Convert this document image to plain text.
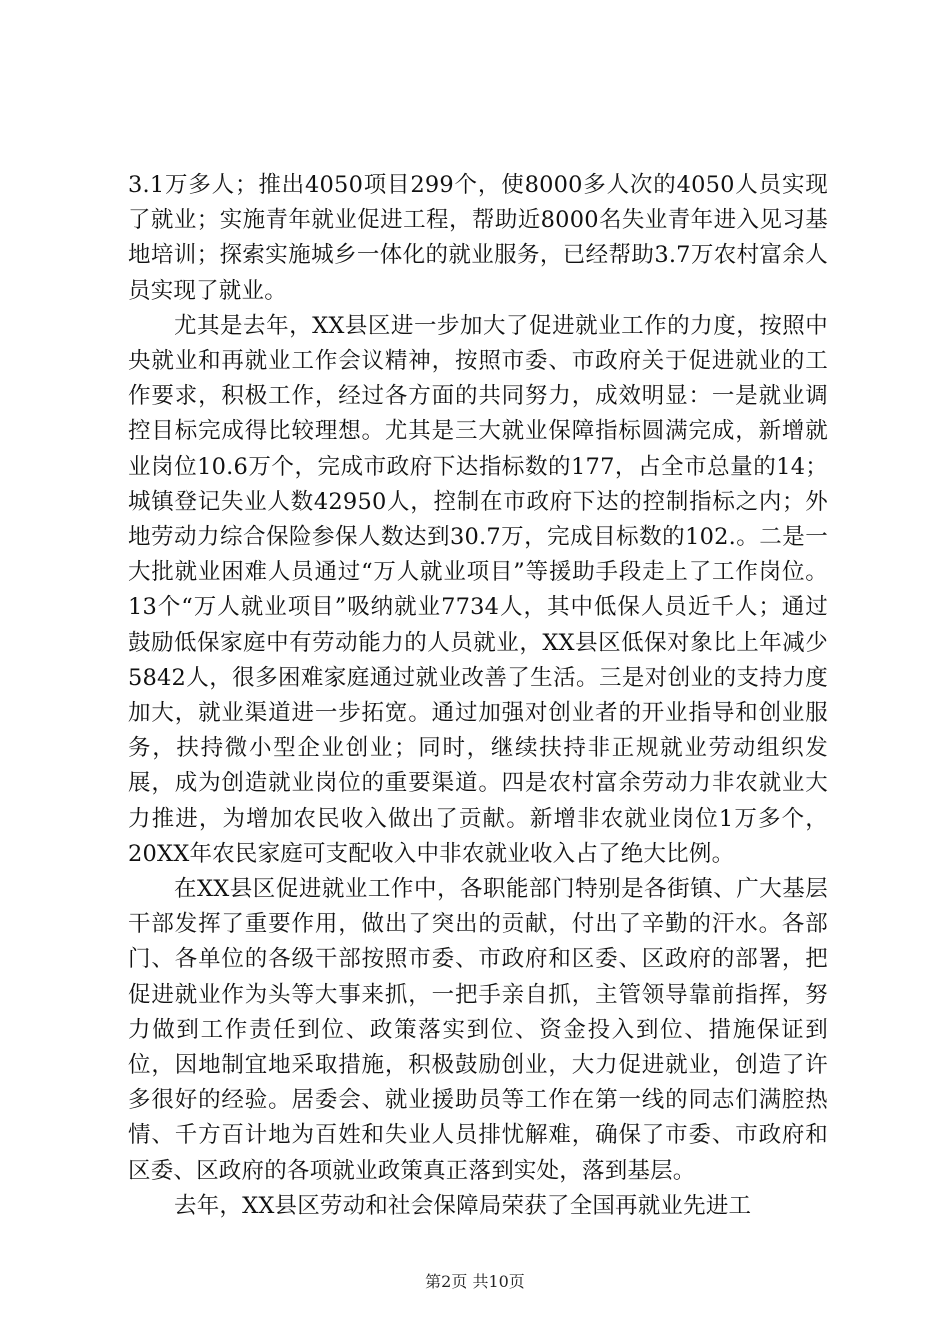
3.1万多人；推出4050项目299个，使8000多人次的4050人员实现了就业；实施青年就业促进工程，帮助近8000名失业青年进入见习基地培训；探索实施城乡一体化的就业服务，已经帮助3.7万农村富余人员实现了就业。

尤其是去年，XX县区进一步加大了促进就业工作的力度，按照中央就业和再就业工作会议精神，按照市委、市政府关于促进就业的工作要求，积极工作，经过各方面的共同努力，成效明显：一是就业调控目标完成得比较理想。尤其是三大就业保障指标圆满完成，新增就业岗位10.6万个，完成市政府下达指标数的177，占全市总量的14；城镇登记失业人数42950人，控制在市政府下达的控制指标之内；外地劳动力综合保险参保人数达到30.7万，完成目标数的102.。二是一大批就业困难人员通过“万人就业项目”等援助手段走上了工作岗位。13个“万人就业项目”吸纳就业7734人，其中低保人员近千人；通过鼓励低保家庭中有劳动能力的人员就业，XX县区低保对象比上年减少5842人，很多困难家庭通过就业改善了生活。三是对创业的支持力度加大，就业渠道进一步拓宽。通过加强对创业者的开业指导和创业服务，扶持微小型企业创业；同时，继续扶持非正规就业劳动组织发展，成为创造就业岗位的重要渠道。四是农村富余劳动力非农就业大力推进，为增加农民收入做出了贡献。新增非农就业岗位1万多个，20XX年农民家庭可支配收入中非农就业收入占了绝大比例。

在XX县区促进就业工作中，各职能部门特别是各街镇、广大基层干部发挥了重要作用，做出了突出的贡献，付出了辛勤的汗水。各部门、各单位的各级干部按照市委、市政府和区委、区政府的部署，把促进就业作为头等大事来抓，一把手亲自抓，主管领导靠前指挥，努力做到工作责任到位、政策落实到位、资金投入到位、措施保证到位，因地制宜地采取措施，积极鼓励创业，大力促进就业，创造了许多很好的经验。居委会、就业援助员等工作在第一线的同志们满腔热情、千方百计地为百姓和失业人员排忧解难，确保了市委、市政府和区委、区政府的各项就业政策真正落到实处，落到基层。

去年，XX县区劳动和社会保障局荣获了全国再就业先进工

第2页 共10页
